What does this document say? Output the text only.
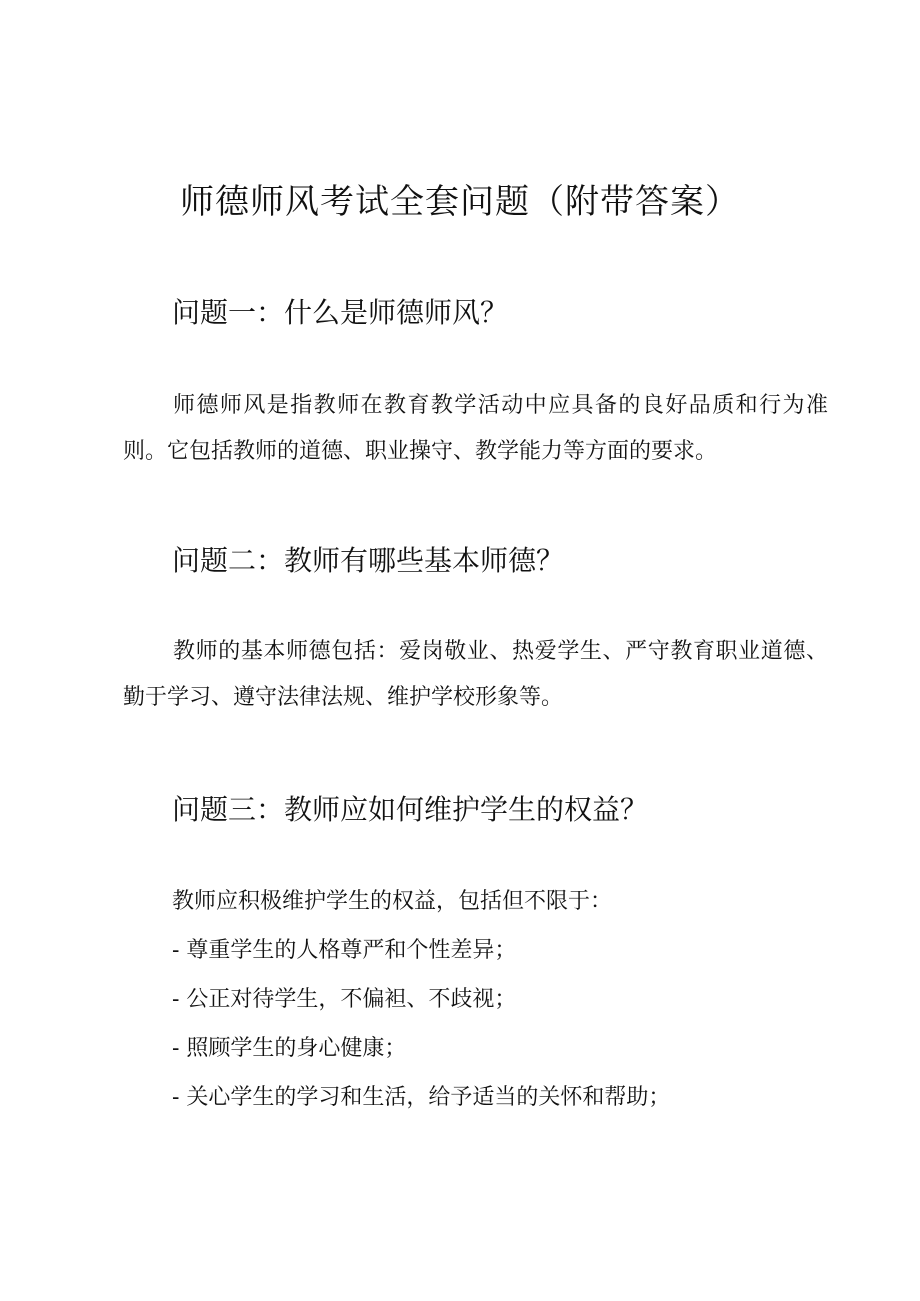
师德师风考试全套问题（附带答案）
问题一：什么是师德师风？

师德师风是指教师在教育教学活动中应具备的良好品质和行为准则。它包括教师的道德、职业操守、教学能力等方面的要求。

问题二：教师有哪些基本师德？

教师的基本师德包括：爱岗敬业、热爱学生、严守教育职业道德、勤于学习、遵守法律法规、维护学校形象等。

问题三：教师应如何维护学生的权益？

教师应积极维护学生的权益，包括但不限于：

- 尊重学生的人格尊严和个性差异；
- 公正对待学生，不偏袒、不歧视；
- 照顾学生的身心健康；
- 关心学生的学习和生活，给予适当的关怀和帮助；
